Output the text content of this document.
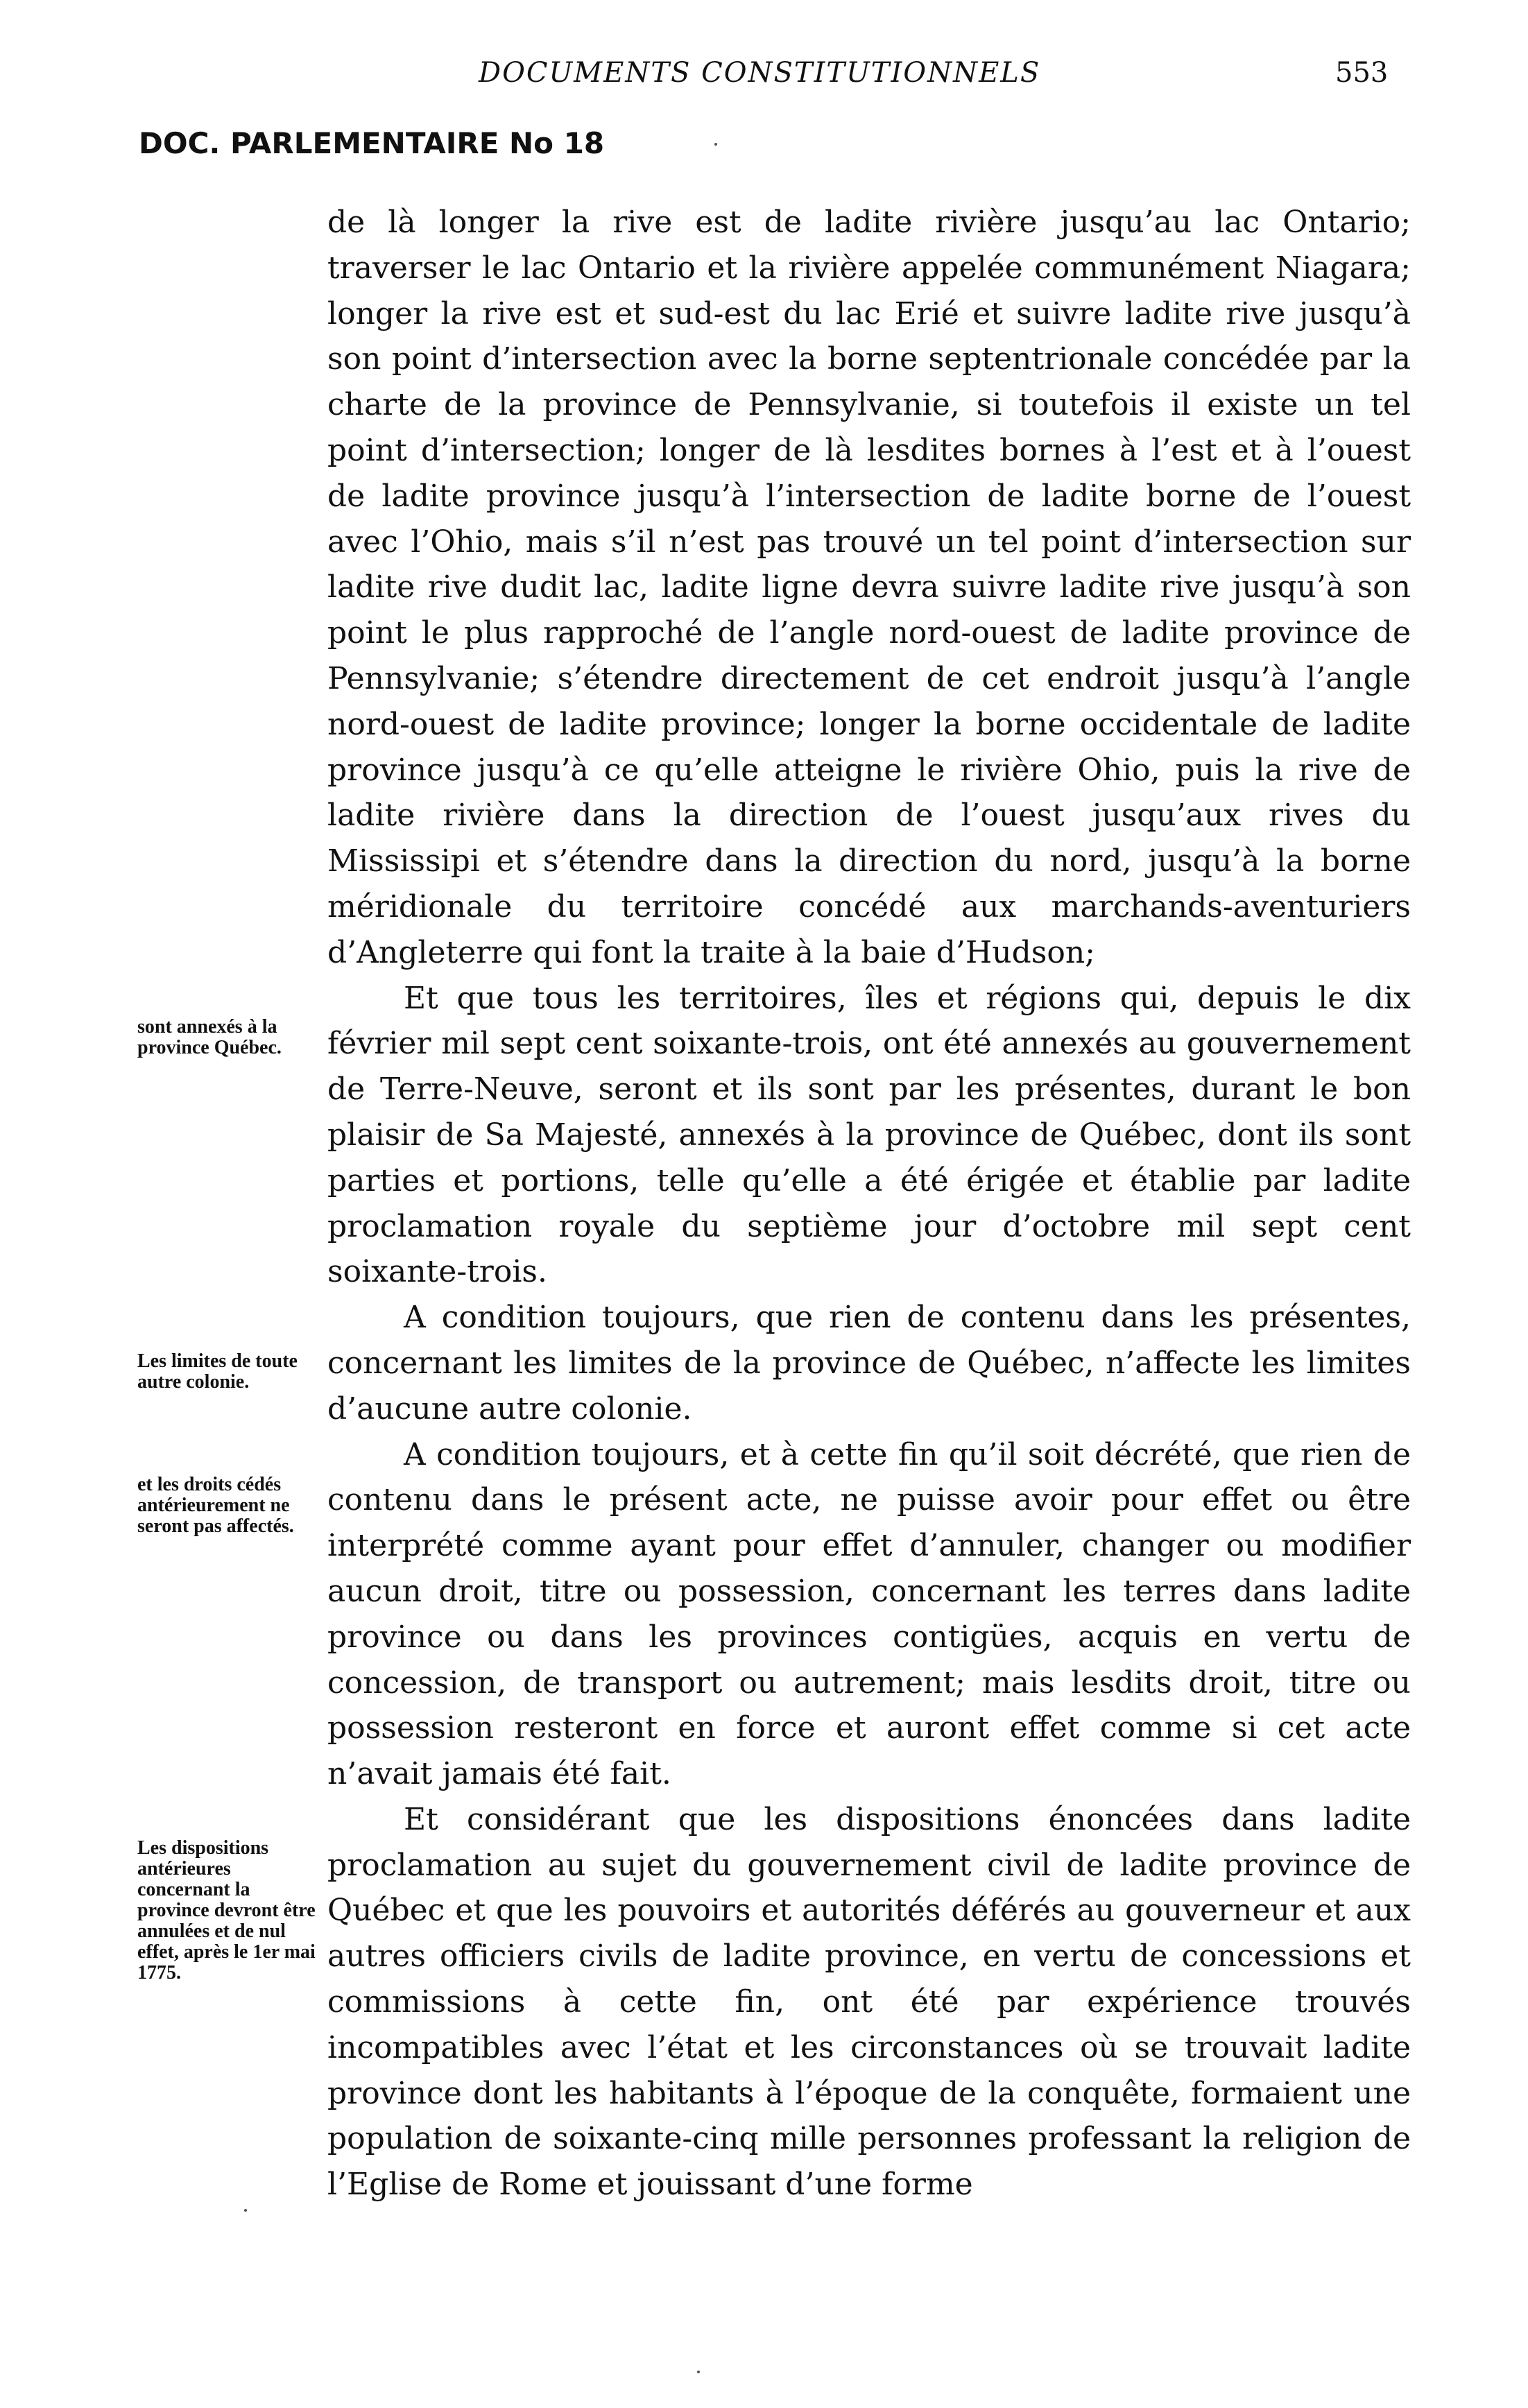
DOCUMENTS CONSTITUTIONNELS	553
DOC. PARLEMENTAIRE No 18

de là longer la rive est de ladite rivière jusqu’au lac Ontario; traverser le lac Ontario et la rivière appelée communément Niagara; longer la rive est et sud-est du lac Erié et suivre ladite rive jusqu’à son point d’intersection avec la borne septentrionale concédée par la charte de la province de Pennsylvanie, si toutefois il existe un tel point d’intersection; longer de là lesdites bornes à l’est et à l’ouest de ladite province jusqu’à l’intersection de ladite borne de l’ouest avec l’Ohio, mais s’il n’est pas trouvé un tel point d’intersection sur ladite rive dudit lac, ladite ligne devra suivre ladite rive jusqu’à son point le plus rapproché de l’angle nord-ouest de ladite province de Pennsylvanie; s’étendre directement de cet endroit jusqu’à l’angle nord-ouest de ladite province; longer la borne occidentale de ladite province jusqu’à ce qu’elle atteigne le rivière Ohio, puis la rive de ladite rivière dans la direction de l’ouest jusqu’aux rives du Mississipi et s’étendre dans la direction du nord, jusqu’à la borne méridionale du territoire concédé aux marchands-aventuriers d’Angleterre qui font la traite à la baie d’Hudson;

Et que tous les territoires, îles et régions qui, depuis le dix février mil sept cent soixante-trois, ont été annexés au gouvernement de Terre-Neuve, seront et ils sont par les présentes, durant le bon plaisir de Sa Majesté, annexés à la province de Québec, dont ils sont parties et portions, telle qu’elle a été érigée et établie par ladite proclamation royale du septième jour d’octobre mil sept cent soixante-trois.

A condition toujours, que rien de contenu dans les présentes, concernant les limites de la province de Québec, n’affecte les limites d’aucune autre colonie.

A condition toujours, et à cette fin qu’il soit décrété, que rien de contenu dans le présent acte, ne puisse avoir pour effet ou être interprété comme ayant pour effet d’annuler, changer ou modifier aucun droit, titre ou possession, concernant les terres dans ladite province ou dans les provinces contigües, acquis en vertu de concession, de transport ou autrement; mais lesdits droit, titre ou possession resteront en force et auront effet comme si cet acte n’avait jamais été fait.

Et considérant que les dispositions énoncées dans ladite proclamation au sujet du gouvernement civil de ladite province de Québec et que les pouvoirs et autorités déférés au gouverneur et aux autres officiers civils de ladite province, en vertu de concessions et commissions à cette fin, ont été par expérience trouvés incompatibles avec l’état et les circonstances où se trouvait ladite province dont les habitants à l’époque de la conquête, formaient une population de soixante-cinq mille personnes professant la religion de l’Eglise de Rome et jouissant d’une forme

sont annexés à la province Québec.
Les limites de toute autre colonie.
et les droits cédés antérieurement ne seront pas affectés.
Les dispositions antérieures concernant la province devront être annulées et de nul effet, après le 1er mai 1775.
